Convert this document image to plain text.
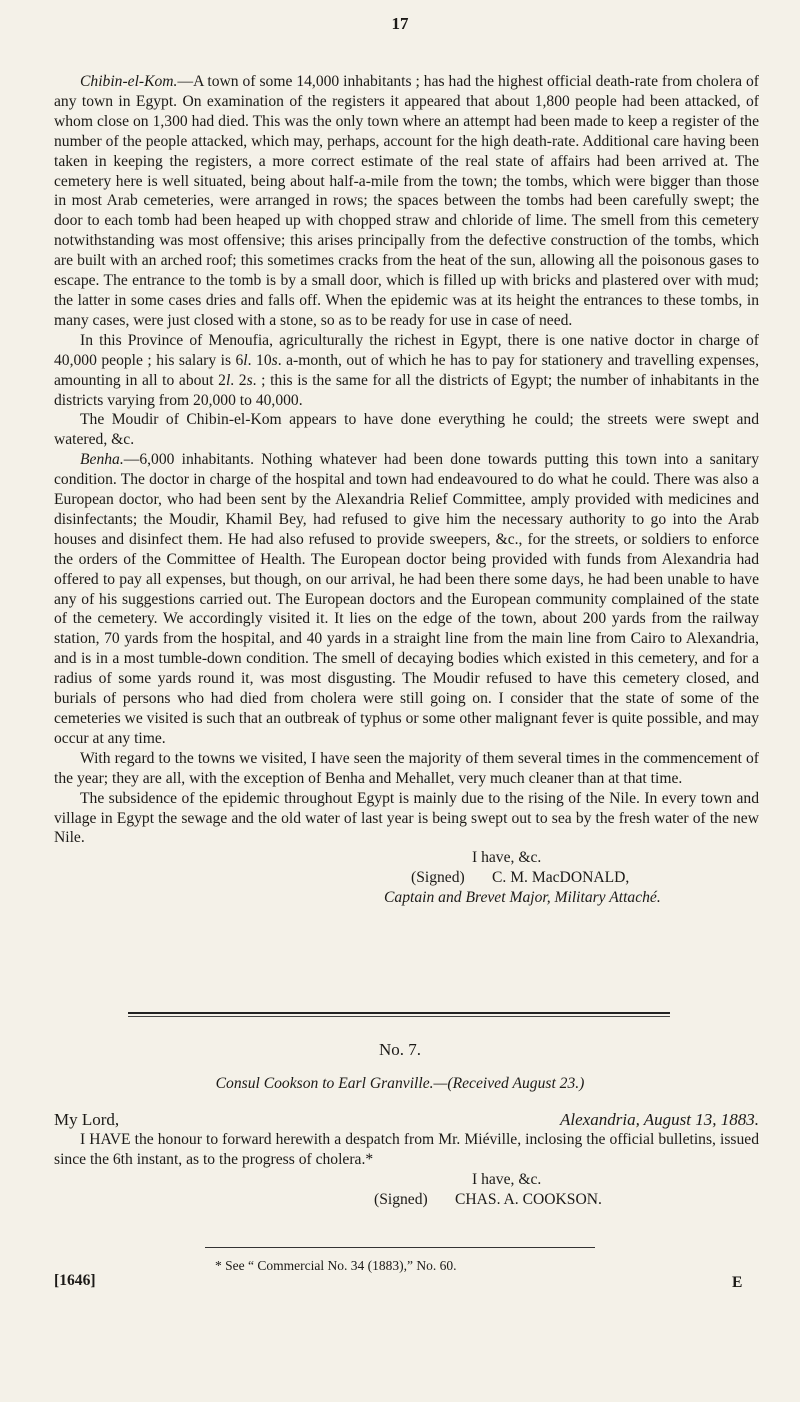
17

Chibin-el-Kom.—A town of some 14,000 inhabitants ; has had the highest official death-rate from cholera of any town in Egypt. On examination of the registers it appeared that about 1,800 people had been attacked, of whom close on 1,300 had died. This was the only town where an attempt had been made to keep a register of the number of the people attacked, which may, perhaps, account for the high death-rate. Additional care having been taken in keeping the registers, a more correct estimate of the real state of affairs had been arrived at. The cemetery here is well situated, being about half-a-mile from the town; the tombs, which were bigger than those in most Arab cemeteries, were arranged in rows; the spaces between the tombs had been carefully swept; the door to each tomb had been heaped up with chopped straw and chloride of lime. The smell from this cemetery notwithstanding was most offensive; this arises principally from the defective construction of the tombs, which are built with an arched roof; this sometimes cracks from the heat of the sun, allowing all the poisonous gases to escape. The entrance to the tomb is by a small door, which is filled up with bricks and plastered over with mud; the latter in some cases dries and falls off. When the epidemic was at its height the entrances to these tombs, in many cases, were just closed with a stone, so as to be ready for use in case of need.

In this Province of Menoufia, agriculturally the richest in Egypt, there is one native doctor in charge of 40,000 people ; his salary is 6l. 10s. a-month, out of which he has to pay for stationery and travelling expenses, amounting in all to about 2l. 2s. ; this is the same for all the districts of Egypt; the number of inhabitants in the districts varying from 20,000 to 40,000.

The Moudir of Chibin-el-Kom appears to have done everything he could; the streets were swept and watered, &c.

Benha.—6,000 inhabitants. Nothing whatever had been done towards putting this town into a sanitary condition. The doctor in charge of the hospital and town had endeavoured to do what he could. There was also a European doctor, who had been sent by the Alexandria Relief Committee, amply provided with medicines and disinfectants; the Moudir, Khamil Bey, had refused to give him the necessary authority to go into the Arab houses and disinfect them. He had also refused to provide sweepers, &c., for the streets, or soldiers to enforce the orders of the Committee of Health. The European doctor being provided with funds from Alexandria had offered to pay all expenses, but though, on our arrival, he had been there some days, he had been unable to have any of his suggestions carried out. The European doctors and the European community complained of the state of the cemetery. We accordingly visited it. It lies on the edge of the town, about 200 yards from the railway station, 70 yards from the hospital, and 40 yards in a straight line from the main line from Cairo to Alexandria, and is in a most tumble-down condition. The smell of decaying bodies which existed in this cemetery, and for a radius of some yards round it, was most disgusting. The Moudir refused to have this cemetery closed, and burials of persons who had died from cholera were still going on. I consider that the state of some of the cemeteries we visited is such that an outbreak of typhus or some other malignant fever is quite possible, and may occur at any time.

With regard to the towns we visited, I have seen the majority of them several times in the commencement of the year; they are all, with the exception of Benha and Mehallet, very much cleaner than at that time.

The subsidence of the epidemic throughout Egypt is mainly due to the rising of the Nile. In every town and village in Egypt the sewage and the old water of last year is being swept out to sea by the fresh water of the new Nile.

I have, &c.
(Signed)       C. M. MacDONALD,
Captain and Brevet Major, Military Attaché.
No. 7.
Consul Cookson to Earl Granville.—(Received August 23.)
My Lord,	Alexandria, August 13, 1883.

I HAVE the honour to forward herewith a despatch from Mr. Miéville, inclosing the official bulletins, issued since the 6th instant, as to the progress of cholera.*

I have, &c.
(Signed)       CHAS. A. COOKSON.
* See “ Commercial No. 34 (1883),” No. 60.
[1646]	E
